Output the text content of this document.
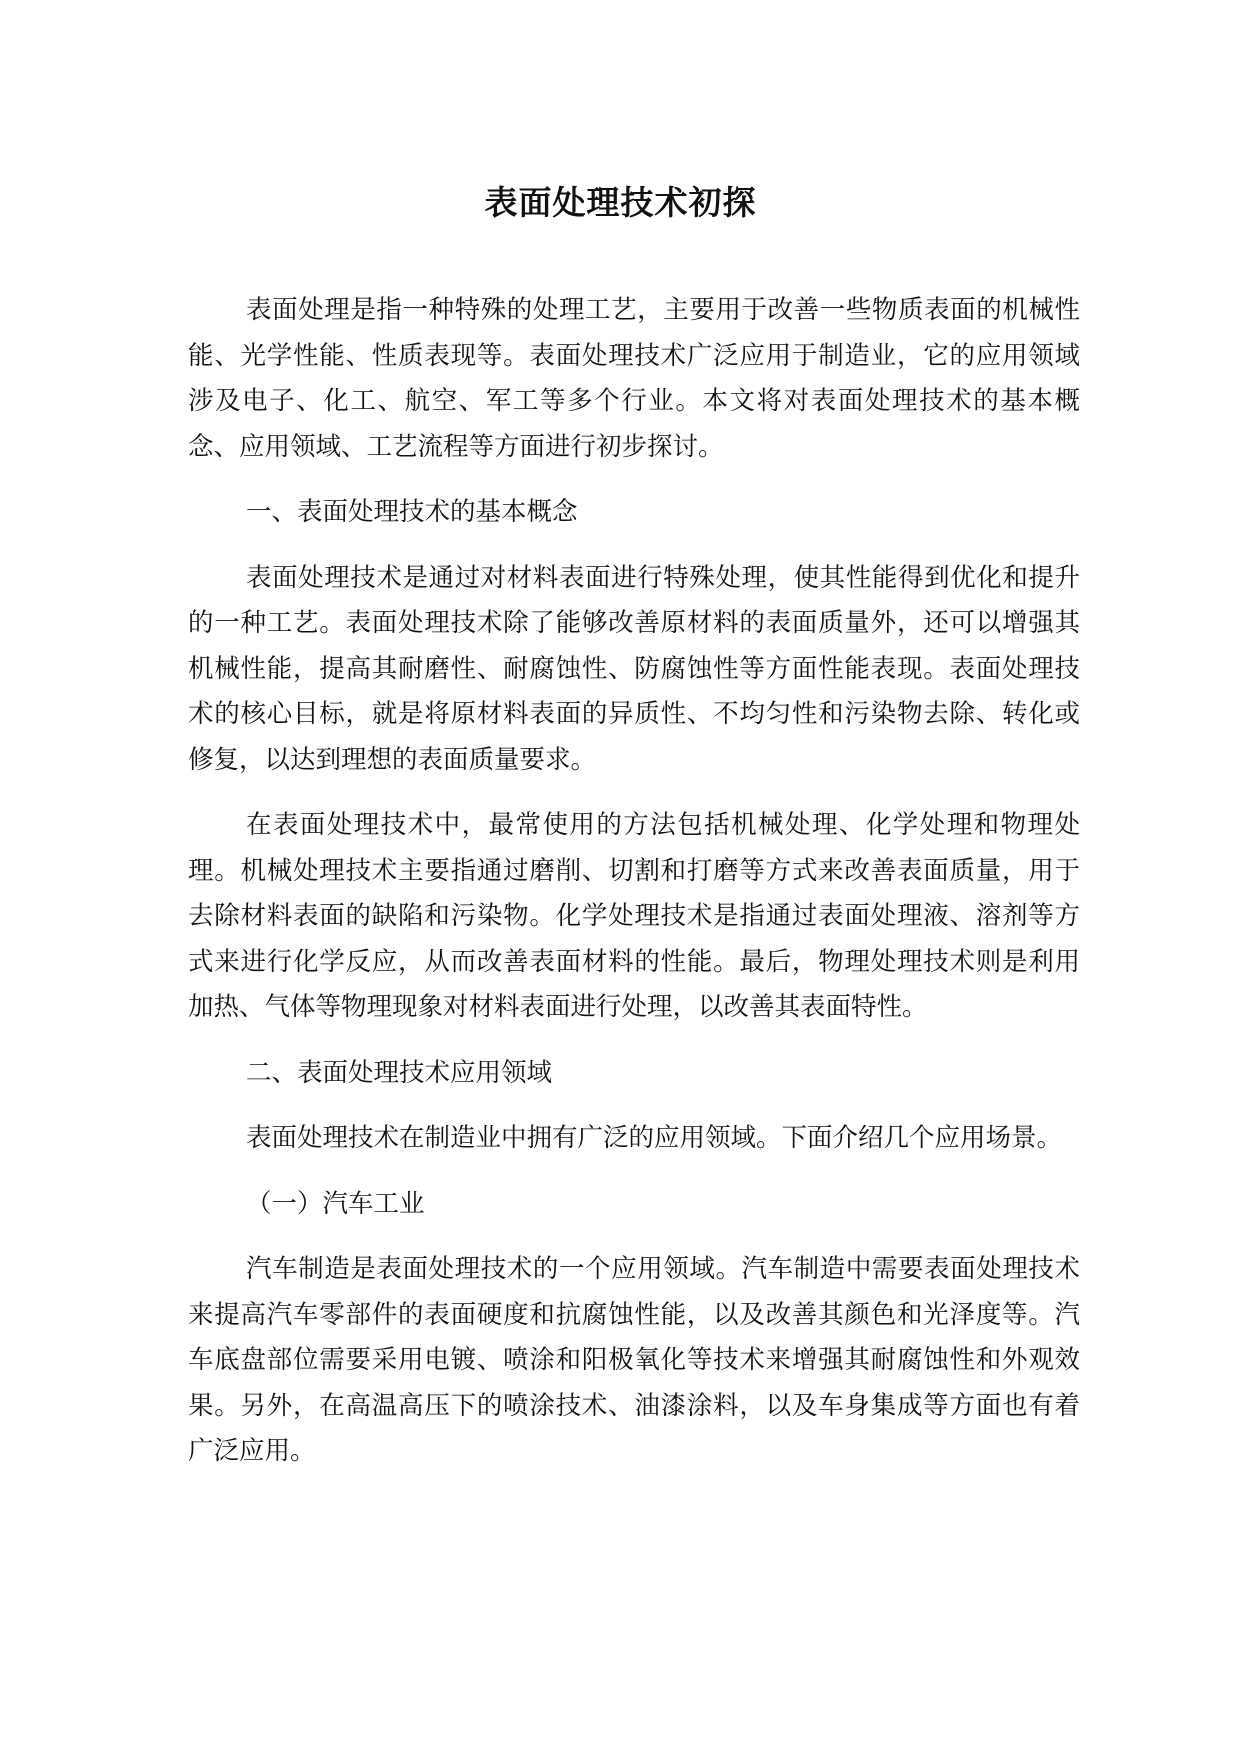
表面处理技术初探

表面处理是指一种特殊的处理工艺，主要用于改善一些物质表面的机械性能、光学性能、性质表现等。表面处理技术广泛应用于制造业，它的应用领域涉及电子、化工、航空、军工等多个行业。本文将对表面处理技术的基本概念、应用领域、工艺流程等方面进行初步探讨。

一、表面处理技术的基本概念

表面处理技术是通过对材料表面进行特殊处理，使其性能得到优化和提升的一种工艺。表面处理技术除了能够改善原材料的表面质量外，还可以增强其机械性能，提高其耐磨性、耐腐蚀性、防腐蚀性等方面性能表现。表面处理技术的核心目标，就是将原材料表面的异质性、不均匀性和污染物去除、转化或修复，以达到理想的表面质量要求。

在表面处理技术中，最常使用的方法包括机械处理、化学处理和物理处理。机械处理技术主要指通过磨削、切割和打磨等方式来改善表面质量，用于去除材料表面的缺陷和污染物。化学处理技术是指通过表面处理液、溶剂等方式来进行化学反应，从而改善表面材料的性能。最后，物理处理技术则是利用加热、气体等物理现象对材料表面进行处理，以改善其表面特性。

二、表面处理技术应用领域

表面处理技术在制造业中拥有广泛的应用领域。下面介绍几个应用场景。

（一）汽车工业

汽车制造是表面处理技术的一个应用领域。汽车制造中需要表面处理技术来提高汽车零部件的表面硬度和抗腐蚀性能，以及改善其颜色和光泽度等。汽车底盘部位需要采用电镀、喷涂和阳极氧化等技术来增强其耐腐蚀性和外观效果。另外，在高温高压下的喷涂技术、油漆涂料，以及车身集成等方面也有着广泛应用。
